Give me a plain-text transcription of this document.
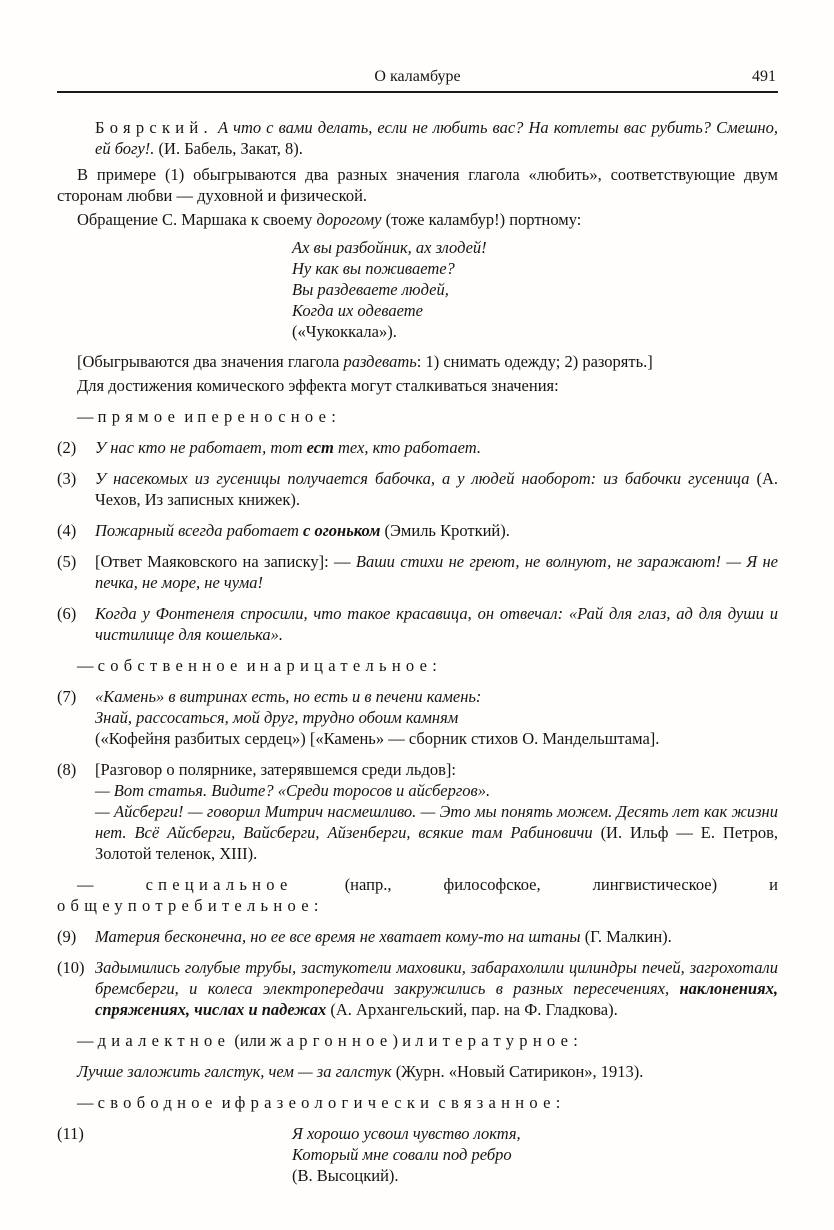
О каламбуре	491
Боярский. А что с вами делать, если не любить вас? На котлеты вас рубить? Смешно, ей богу!. (И. Бабель, Закат, 8).
В примере (1) обыгрываются два разных значения глагола «любить», соответствующие двум сторонам любви — духовной и физической.
Обращение С. Маршака к своему дорогому (тоже каламбур!) портному:
Ах вы разбойник, ах злодей!
Ну как вы поживаете?
Вы раздеваете людей,
Когда их одеваете
(«Чукоккала»).
[Обыгрываются два значения глагола раздевать: 1) снимать одежду; 2) разорять.]
Для достижения комического эффекта могут сталкиваться значения:
— прямое и переносное:
(2) У нас кто не работает, тот ест тех, кто работает.
(3) У насекомых из гусеницы получается бабочка, а у людей наоборот: из бабочки гусеница (А. Чехов, Из записных книжек).
(4) Пожарный всегда работает с огоньком (Эмиль Кроткий).
(5) [Ответ Маяковского на записку]: — Ваши стихи не греют, не волнуют, не заражают! — Я не печка, не море, не чума!
(6) Когда у Фонтенеля спросили, что такое красавица, он отвечал: «Рай для глаз, ад для души и чистилище для кошелька».
— собственное и нарицательное:
(7) «Камень» в витринах есть, но есть и в печени камень:
Знай, рассосаться, мой друг, трудно обоим камням
(«Кофейня разбитых сердец») [«Камень» — сборник стихов О. Мандельштама].
(8) [Разговор о полярнике, затерявшемся среди льдов]:
— Вот статья. Видите? «Среди торосов и айсбергов».
— Айсберги! — говорил Митрич насмешливо. — Это мы понять можем. Десять лет как жизни нет. Всё Айсберги, Вайсберги, Айзенберги, всякие там Рабиновичи (И. Ильф — Е. Петров, Золотой теленок, XIII).
— специальное (напр., философское, лингвистическое) и общеупотребительное:
(9) Материя бесконечна, но ее все время не хватает кому-то на штаны (Г. Малкин).
(10) Задымились голубые трубы, застукотели маховики, забарахолили цилиндры печей, загрохотали бремсберги, и колеса электропередачи закружились в разных пересечениях, наклонениях, спряжениях, числах и падежах (А. Архангельский, пар. на Ф. Гладкова).
— диалектное (или жаргонное) и литературное:
Лучше заложить галстук, чем — за галстук (Журн. «Новый Сатирикон», 1913).
— свободное и фразеологически связанное:
(11)	Я хорошо усвоил чувство локтя,
Который мне совали под ребро
(В. Высоцкий).
